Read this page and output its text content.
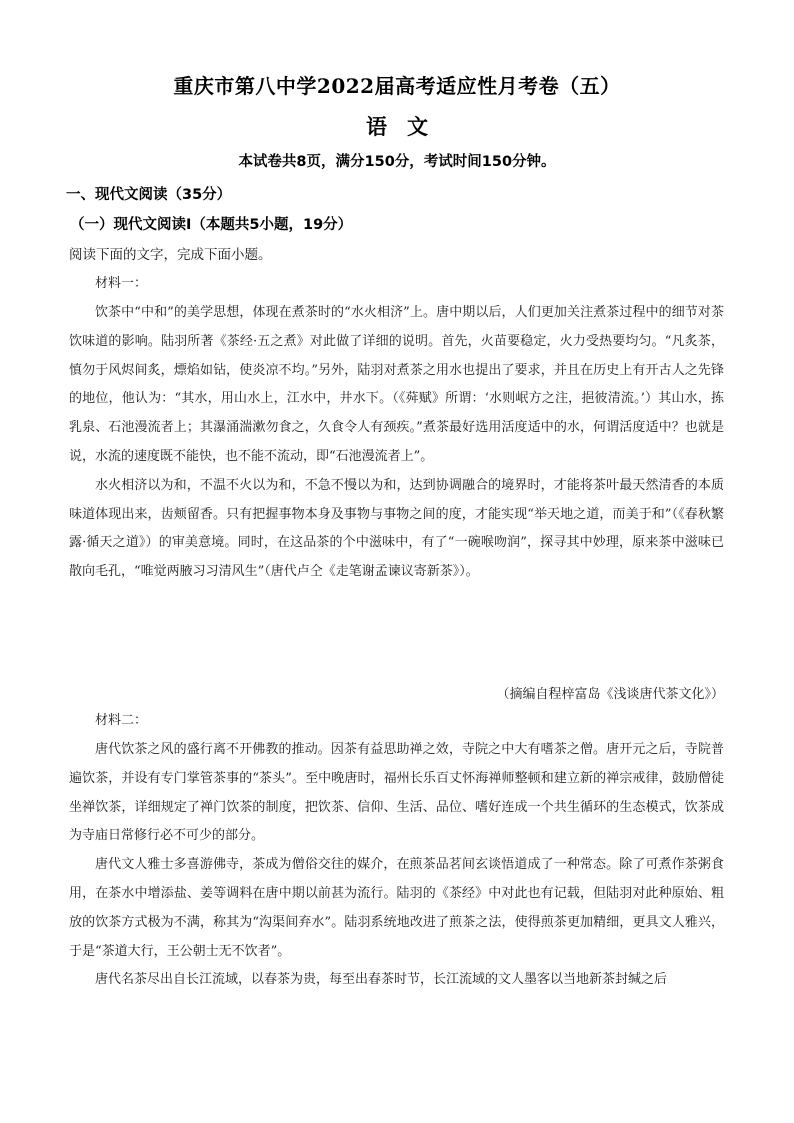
重庆市第八中学2022届高考适应性月考卷（五）
语文
本试卷共8页，满分150分，考试时间150分钟。
一、现代文阅读（35分）
（一）现代文阅读Ⅰ（本题共5小题，19分）
阅读下面的文字，完成下面小题。

材料一：

饮茶中“中和”的美学思想，体现在煮茶时的“水火相济”上。唐中期以后，人们更加关注煮茶过程中的细节对茶饮味道的影响。陆羽所著《茶经·五之煮》对此做了详细的说明。首先，火苗要稳定，火力受热要均匀。“凡炙茶，慎勿于风烬间炙，熛焰如钻，使炎凉不均。”另外，陆羽对煮茶之用水也提出了要求，并且在历史上有开古人之先锋的地位，他认为：“其水，用山水上，江水中，井水下。（《荈赋》所谓：‘水则岷方之注，挹彼清流。’）其山水，拣乳泉、石池漫流者上；其瀑涌湍漱勿食之，久食令人有颈疾。”煮茶最好选用活度适中的水，何谓活度适中？也就是说，水流的速度既不能快，也不能不流动，即“石池漫流者上”。

水火相济以为和，不温不火以为和，不急不慢以为和，达到协调融合的境界时，才能将茶叶最天然清香的本质味道体现出来，齿颊留香。只有把握事物本身及事物与事物之间的度，才能实现“举天地之道，而美于和”（《春秋繁露·循天之道》）的审美意境。同时，在这品茶的个中滋味中，有了“一碗喉吻润”，探寻其中妙理，原来茶中滋味已散向毛孔，“唯觉两腋习习清风生”（唐代卢仝《走笔谢孟谏议寄新茶》）。

（摘编自程梓富岛《浅谈唐代茶文化》）

材料二：

唐代饮茶之风的盛行离不开佛教的推动。因茶有益思助禅之效，寺院之中大有嗜茶之僧。唐开元之后，寺院普遍饮茶，并设有专门掌管茶事的“茶头”。至中晚唐时，福州长乐百丈怀海禅师整顿和建立新的禅宗戒律，鼓励僧徒坐禅饮茶，详细规定了禅门饮茶的制度，把饮茶、信仰、生活、品位、嗜好连成一个共生循环的生态模式，饮茶成为寺庙日常修行必不可少的部分。

唐代文人雅士多喜游佛寺，茶成为僧俗交往的媒介，在煎茶品茗间玄谈悟道成了一种常态。除了可煮作茶粥食用，在茶水中增添盐、姜等调料在唐中期以前甚为流行。陆羽的《茶经》中对此也有记载，但陆羽对此种原始、粗放的饮茶方式极为不满，称其为“沟渠间弃水”。陆羽系统地改进了煎茶之法，使得煎茶更加精细，更具文人雅兴，于是“茶道大行，王公朝士无不饮者”。

唐代名茶尽出自长江流域，以春茶为贵，每至出春茶时节，长江流域的文人墨客以当地新茶封缄之后
